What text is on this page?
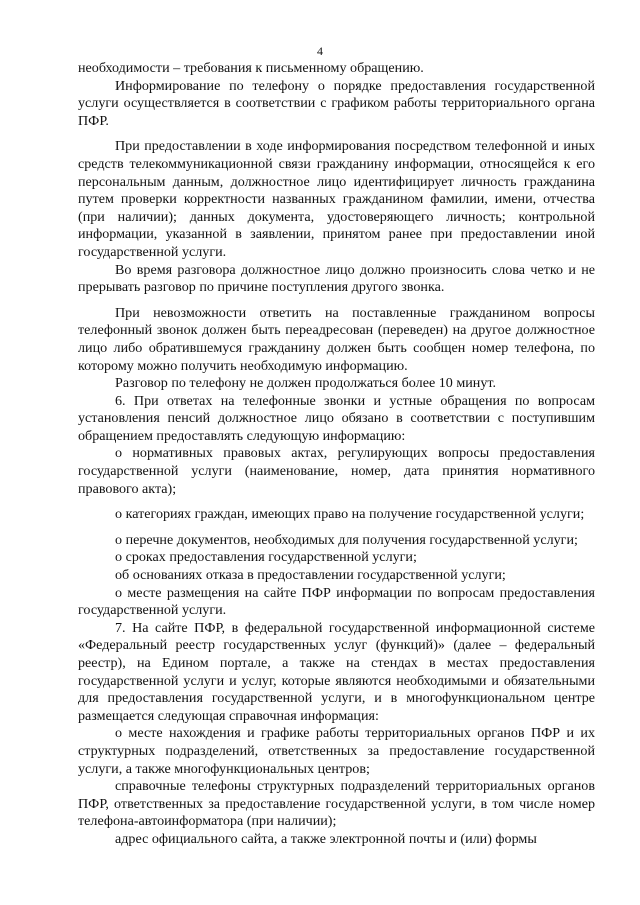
4

необходимости – требования к письменному обращению.

Информирование по телефону о порядке предоставления государственной услуги осуществляется в соответствии с графиком работы территориального органа ПФР.

При предоставлении в ходе информирования посредством телефонной и иных средств телекоммуникационной связи гражданину информации, относящейся к его персональным данным, должностное лицо идентифицирует личность гражданина путем проверки корректности названных гражданином фамилии, имени, отчества (при наличии); данных документа, удостоверяющего личность; контрольной информации, указанной в заявлении, принятом ранее при предоставлении иной государственной услуги.

Во время разговора должностное лицо должно произносить слова четко и не прерывать разговор по причине поступления другого звонка.

При невозможности ответить на поставленные гражданином вопросы телефонный звонок должен быть переадресован (переведен) на другое должностное лицо либо обратившемуся гражданину должен быть сообщен номер телефона, по которому можно получить необходимую информацию.

Разговор по телефону не должен продолжаться более 10 минут.

6. При ответах на телефонные звонки и устные обращения по вопросам установления пенсий должностное лицо обязано в соответствии с поступившим обращением предоставлять следующую информацию:

о нормативных правовых актах, регулирующих вопросы предоставления государственной услуги (наименование, номер, дата принятия нормативного правового акта);

о категориях граждан, имеющих право на получение государственной услуги;

о перечне документов, необходимых для получения государственной услуги;

о сроках предоставления государственной услуги;

об основаниях отказа в предоставлении государственной услуги;

о месте размещения на сайте ПФР информации по вопросам предоставления государственной услуги.

7. На сайте ПФР, в федеральной государственной информационной системе «Федеральный реестр государственных услуг (функций)» (далее – федеральный реестр), на Едином портале, а также на стендах в местах предоставления государственной услуги и услуг, которые являются необходимыми и обязательными для предоставления государственной услуги, и в многофункциональном центре размещается следующая справочная информация:

о месте нахождения и графике работы территориальных органов ПФР и их структурных подразделений, ответственных за предоставление государственной услуги, а также многофункциональных центров;

справочные телефоны структурных подразделений территориальных органов ПФР, ответственных за предоставление государственной услуги, в том числе номер телефона-автоинформатора (при наличии);

адрес официального сайта, а также электронной почты и (или) формы
